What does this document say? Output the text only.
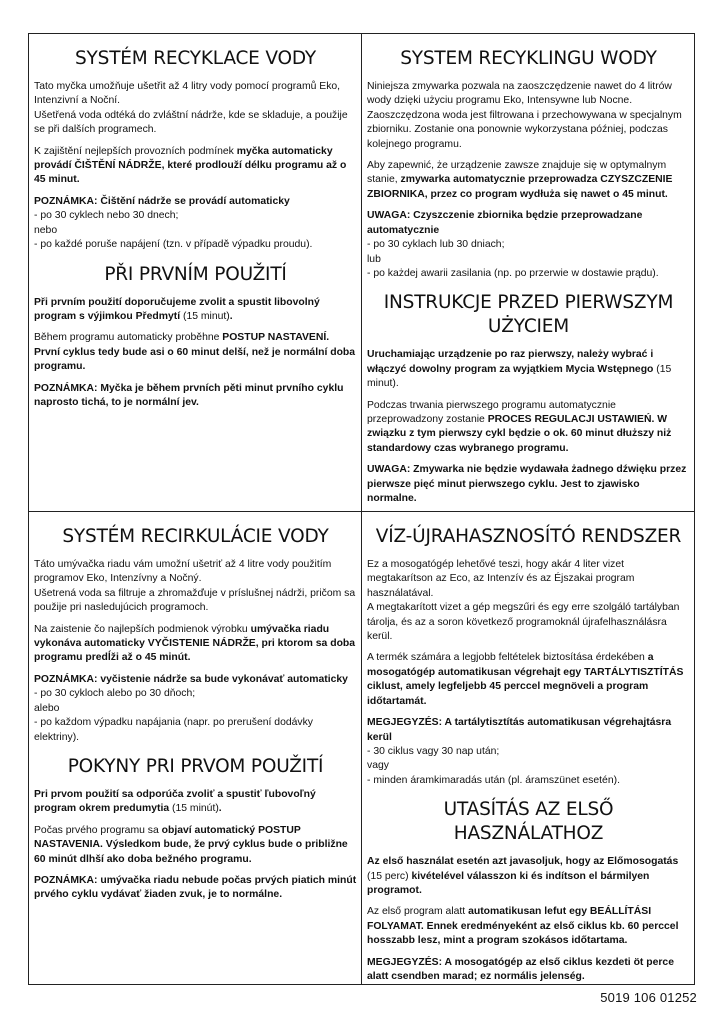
SYSTÉM RECYKLACE VODY

Tato myčka umožňuje ušetřit až 4 litry vody pomocí programů Eko, Intenzivní a Noční.
Ušetřená voda odtéká do zvláštní nádrže, kde se skladuje, a použije se při dalších programech.

K zajištění nejlepších provozních podmínek myčka automaticky provádí ČIŠTĚNÍ NÁDRŽE, které prodlouží délku programu až o 45 minut.

POZNÁMKA: Čištění nádrže se provádí automaticky
- po 30 cyklech nebo 30 dnech;
nebo
- po každé poruše napájení (tzn. v případě výpadku proudu).

PŘI PRVNÍM POUŽITÍ

Při prvním použití doporučujeme zvolit a spustit libovolný program s výjimkou Předmytí (15 minut).

Během programu automaticky proběhne POSTUP NASTAVENÍ. První cyklus tedy bude asi o 60 minut delší, než je normální doba programu.

POZNÁMKA: Myčka je během prvních pěti minut prvního cyklu naprosto tichá, to je normální jev.

SYSTEM RECYKLINGU WODY

Niniejsza zmywarka pozwala na zaoszczędzenie nawet do 4 litrów wody dzięki użyciu programu Eko, Intensywne lub Nocne. Zaoszczędzona woda jest filtrowana i przechowywana w specjalnym zbiorniku. Zostanie ona ponownie wykorzystana później, podczas kolejnego programu.

Aby zapewnić, że urządzenie zawsze znajduje się w optymalnym stanie, zmywarka automatycznie przeprowadza CZYSZCZENIE ZBIORNIKA, przez co program wydłuża się nawet o 45 minut.

UWAGA: Czyszczenie zbiornika będzie przeprowadzane automatycznie
- po 30 cyklach lub 30 dniach;
lub
- po każdej awarii zasilania (np. po przerwie w dostawie prądu).

INSTRUKCJE PRZED PIERWSZYM
UŻYCIEM

Uruchamiając urządzenie po raz pierwszy, należy wybrać i włączyć dowolny program za wyjątkiem Mycia Wstępnego (15 minut).

Podczas trwania pierwszego programu automatycznie przeprowadzony zostanie PROCES REGULACJI USTAWIEŃ. W związku z tym pierwszy cykl będzie o ok. 60 minut dłuższy niż standardowy czas wybranego programu.

UWAGA: Zmywarka nie będzie wydawała żadnego dźwięku przez pierwsze pięć minut pierwszego cyklu. Jest to zjawisko normalne.

SYSTÉM RECIRKULÁCIE VODY

Táto umývačka riadu vám umožní ušetriť až 4 litre vody použitím programov Eko, Intenzívny a Nočný.
Ušetrená voda sa filtruje a zhromažďuje v príslušnej nádrži, pričom sa použije pri nasledujúcich programoch.

Na zaistenie čo najlepších podmienok výrobku umývačka riadu vykonáva automaticky VYČISTENIE NÁDRŽE, pri ktorom sa doba programu predĺži až o 45 minút.

POZNÁMKA: vyčistenie nádrže sa bude vykonávať automaticky
- po 30 cykloch alebo po 30 dňoch;
alebo
- po každom výpadku napájania (napr. po prerušení dodávky elektriny).

POKYNY PRI PRVOM POUŽITÍ

Pri prvom použití sa odporúča zvoliť a spustiť ľubovoľný program okrem predumytia (15 minút).

Počas prvého programu sa objaví automatický POSTUP NASTAVENIA. Výsledkom bude, že prvý cyklus bude o približne 60 minút dlhší ako doba bežného programu.

POZNÁMKA: umývačka riadu nebude počas prvých piatich minút prvého cyklu vydávať žiaden zvuk, je to normálne.

VÍZ-ÚJRAHASZNOSÍTÓ RENDSZER

Ez a mosogatógép lehetővé teszi, hogy akár 4 liter vizet megtakarítson az Eco, az Intenzív és az Éjszakai program használatával.
A megtakarított vizet a gép megszűri és egy erre szolgáló tartályban tárolja, és az a soron következő programoknál újrafelhasználásra kerül.

A termék számára a legjobb feltételek biztosítása érdekében a mosogatógép automatikusan végrehajt egy TARTÁLYTISZTÍTÁS ciklust, amely legfeljebb 45 perccel megnöveli a program időtartamát.

MEGJEGYZÉS: A tartálytisztítás automatikusan végrehajtásra kerül
- 30 ciklus vagy 30 nap után;
vagy
- minden áramkimaradás után (pl. áramszünet esetén).

UTASÍTÁS AZ ELSŐ
HASZNÁLATHOZ

Az első használat esetén azt javasoljuk, hogy az Előmosogatás (15 perc) kivételével válasszon ki és indítson el bármilyen programot.

Az első program alatt automatikusan lefut egy BEÁLLÍTÁSI FOLYAMAT. Ennek eredményeként az első ciklus kb. 60 perccel hosszabb lesz, mint a program szokásos időtartama.

MEGJEGYZÉS: A mosogatógép az első ciklus kezdeti öt perce alatt csendben marad; ez normális jelenség.

5019 106 01252
